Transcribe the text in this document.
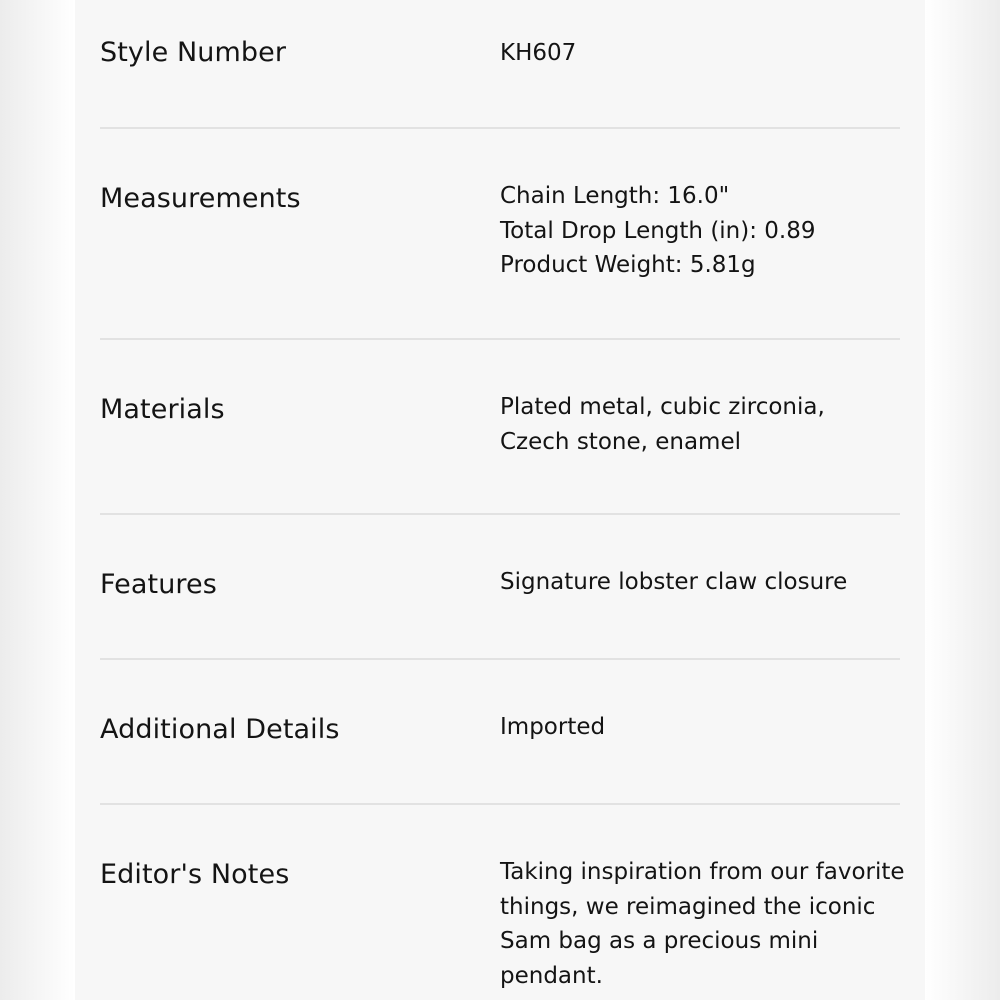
Style Number	KH607
Measurements	Chain Length: 16.0"
Total Drop Length (in): 0.89
Product Weight: 5.81g
Materials	Plated metal, cubic zirconia,
Czech stone, enamel
Features	Signature lobster claw closure
Additional Details	Imported
Editor's Notes	Taking inspiration from our favorite
things, we reimagined the iconic
Sam bag as a precious mini
pendant.
